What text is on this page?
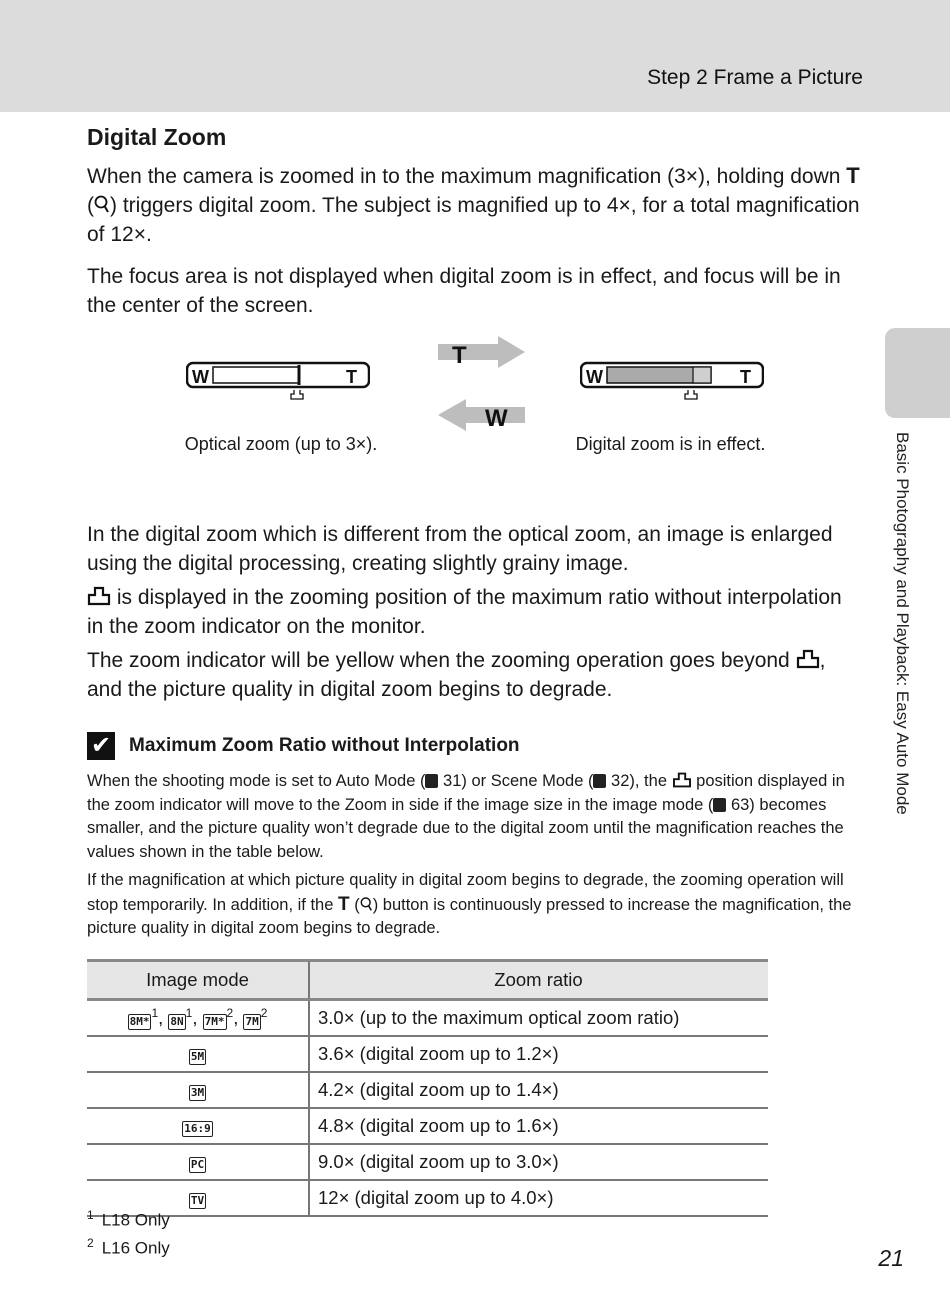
Step 2 Frame a Picture
Basic Photography and Playback: Easy Auto Mode
Digital Zoom
When the camera is zoomed in to the maximum magnification (3×), holding down T ( ) triggers digital zoom. The subject is magnified up to 4×, for a total magnification of 12×.
The focus area is not displayed when digital zoom is in effect, and focus will be in the center of the screen.
W	T	W	T
T
W
Optical zoom (up to 3×).	Digital zoom is in effect.
In the digital zoom which is different from the optical zoom, an image is enlarged using the digital processing, creating slightly grainy image.
is displayed in the zooming position of the maximum ratio without interpolation in the zoom indicator on the monitor.
The zoom indicator will be yellow when the zooming operation goes beyond , and the picture quality in digital zoom begins to degrade.
✔ Maximum Zoom Ratio without Interpolation
When the shooting mode is set to Auto Mode ( 31) or Scene Mode ( 32), the  position displayed in the zoom indicator will move to the Zoom in side if the image size in the image mode ( 63) becomes smaller, and the picture quality won’t degrade due to the digital zoom until the magnification reaches the values shown in the table below.
If the magnification at which picture quality in digital zoom begins to degrade, the zooming operation will stop temporarily. In addition, if the T ( ) button is continuously pressed to increase the magnification, the picture quality in digital zoom begins to degrade.
Image mode	Zoom ratio
8M*$^1$, $8N^1$, 7M*$^2$, $7M^2$	3.0× (up to the maximum optical zoom ratio)
5M	3.6× (digital zoom up to 1.2×)
3M	4.2× (digital zoom up to 1.4×)
16:9	4.8× (digital zoom up to 1.6×)
PC	9.0× (digital zoom up to 3.0×)
TV	12× (digital zoom up to 4.0×)
$^1$ L18 Only
$^2$ L16 Only	21
